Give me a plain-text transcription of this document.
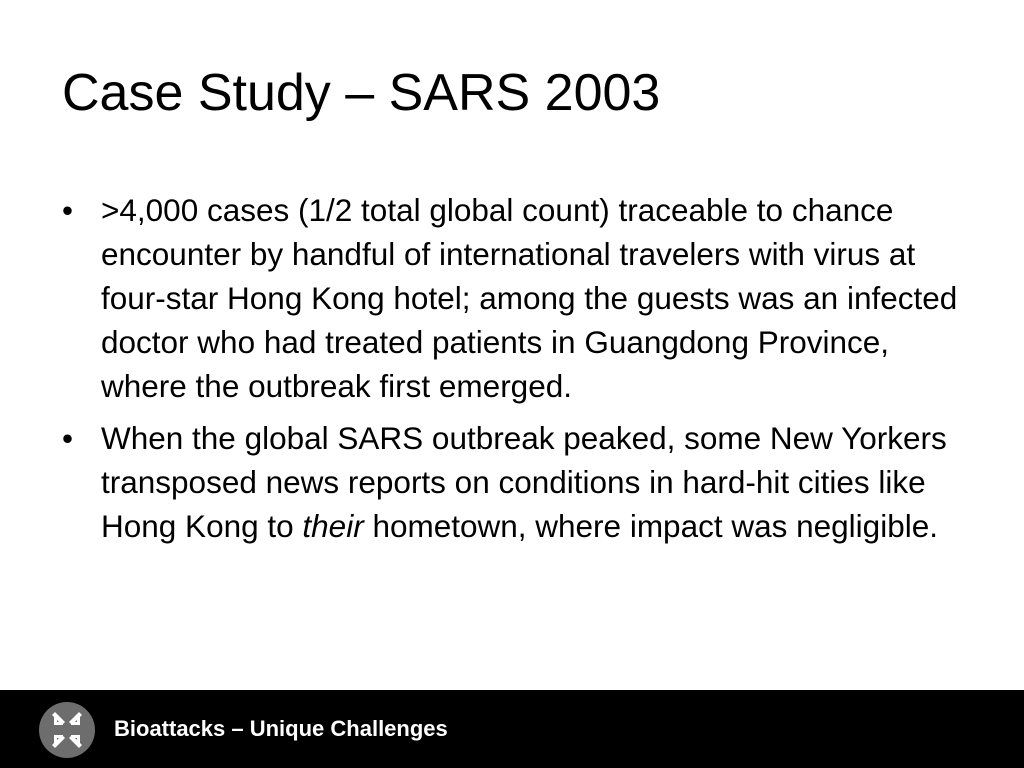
Case Study – SARS 2003
• >4,000 cases (1/2 total global count) traceable to chance encounter by handful of international travelers with virus at four-star Hong Kong hotel; among the guests was an infected doctor who had treated patients in Guangdong Province, where the outbreak first emerged.
• When the global SARS outbreak peaked, some New Yorkers transposed news reports on conditions in hard-hit cities like Hong Kong to their hometown, where impact was negligible.
Bioattacks – Unique Challenges
